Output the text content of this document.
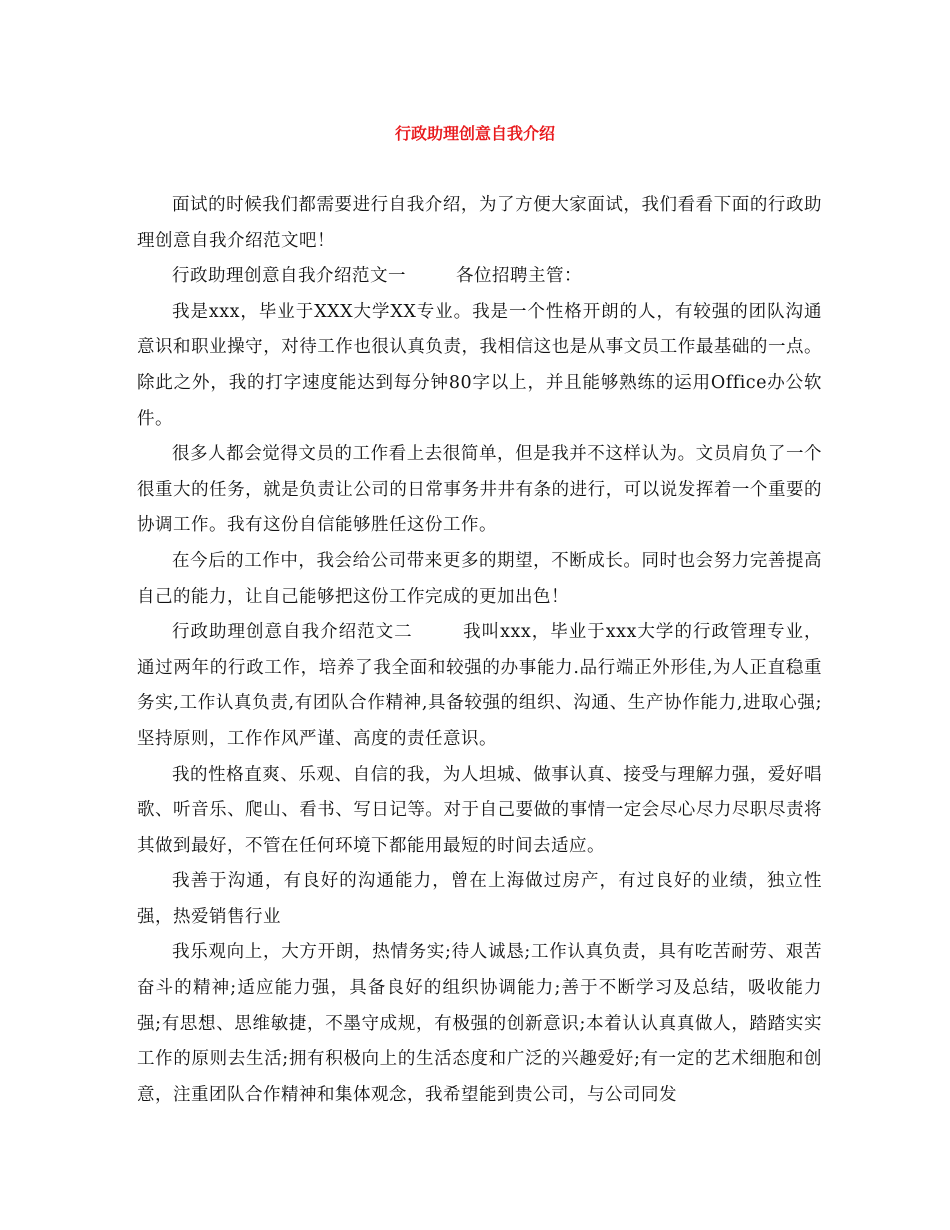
行政助理创意自我介绍

面试的时候我们都需要进行自我介绍，为了方便大家面试，我们看看下面的行政助理创意自我介绍范文吧！

行政助理创意自我介绍范文一	各位招聘主管：

我是xxx，毕业于XXX大学XX专业。我是一个性格开朗的人，有较强的团队沟通意识和职业操守，对待工作也很认真负责，我相信这也是从事文员工作最基础的一点。除此之外，我的打字速度能达到每分钟80字以上，并且能够熟练的运用Office办公软件。

很多人都会觉得文员的工作看上去很简单，但是我并不这样认为。文员肩负了一个很重大的任务，就是负责让公司的日常事务井井有条的进行，可以说发挥着一个重要的协调工作。我有这份自信能够胜任这份工作。

在今后的工作中，我会给公司带来更多的期望，不断成长。同时也会努力完善提高自己的能力，让自己能够把这份工作完成的更加出色！

行政助理创意自我介绍范文二	我叫xxx，毕业于xxx大学的行政管理专业，通过两年的行政工作，培养了我全面和较强的办事能力.品行端正外形佳,为人正直稳重务实,工作认真负责,有团队合作精神,具备较强的组织、沟通、生产协作能力,进取心强;坚持原则，工作作风严谨、高度的责任意识。

我的性格直爽、乐观、自信的我，为人坦城、做事认真、接受与理解力强，爱好唱歌、听音乐、爬山、看书、写日记等。对于自己要做的事情一定会尽心尽力尽职尽责将其做到最好，不管在任何环境下都能用最短的时间去适应。

我善于沟通，有良好的沟通能力，曾在上海做过房产，有过良好的业绩，独立性强，热爱销售行业

我乐观向上，大方开朗，热情务实;待人诚恳;工作认真负责，具有吃苦耐劳、艰苦奋斗的精神;适应能力强，具备良好的组织协调能力;善于不断学习及总结，吸收能力强;有思想、思维敏捷，不墨守成规，有极强的创新意识;本着认认真真做人，踏踏实实工作的原则去生活;拥有积极向上的生活态度和广泛的兴趣爱好;有一定的艺术细胞和创意，注重团队合作精神和集体观念，我希望能到贵公司，与公司同发
